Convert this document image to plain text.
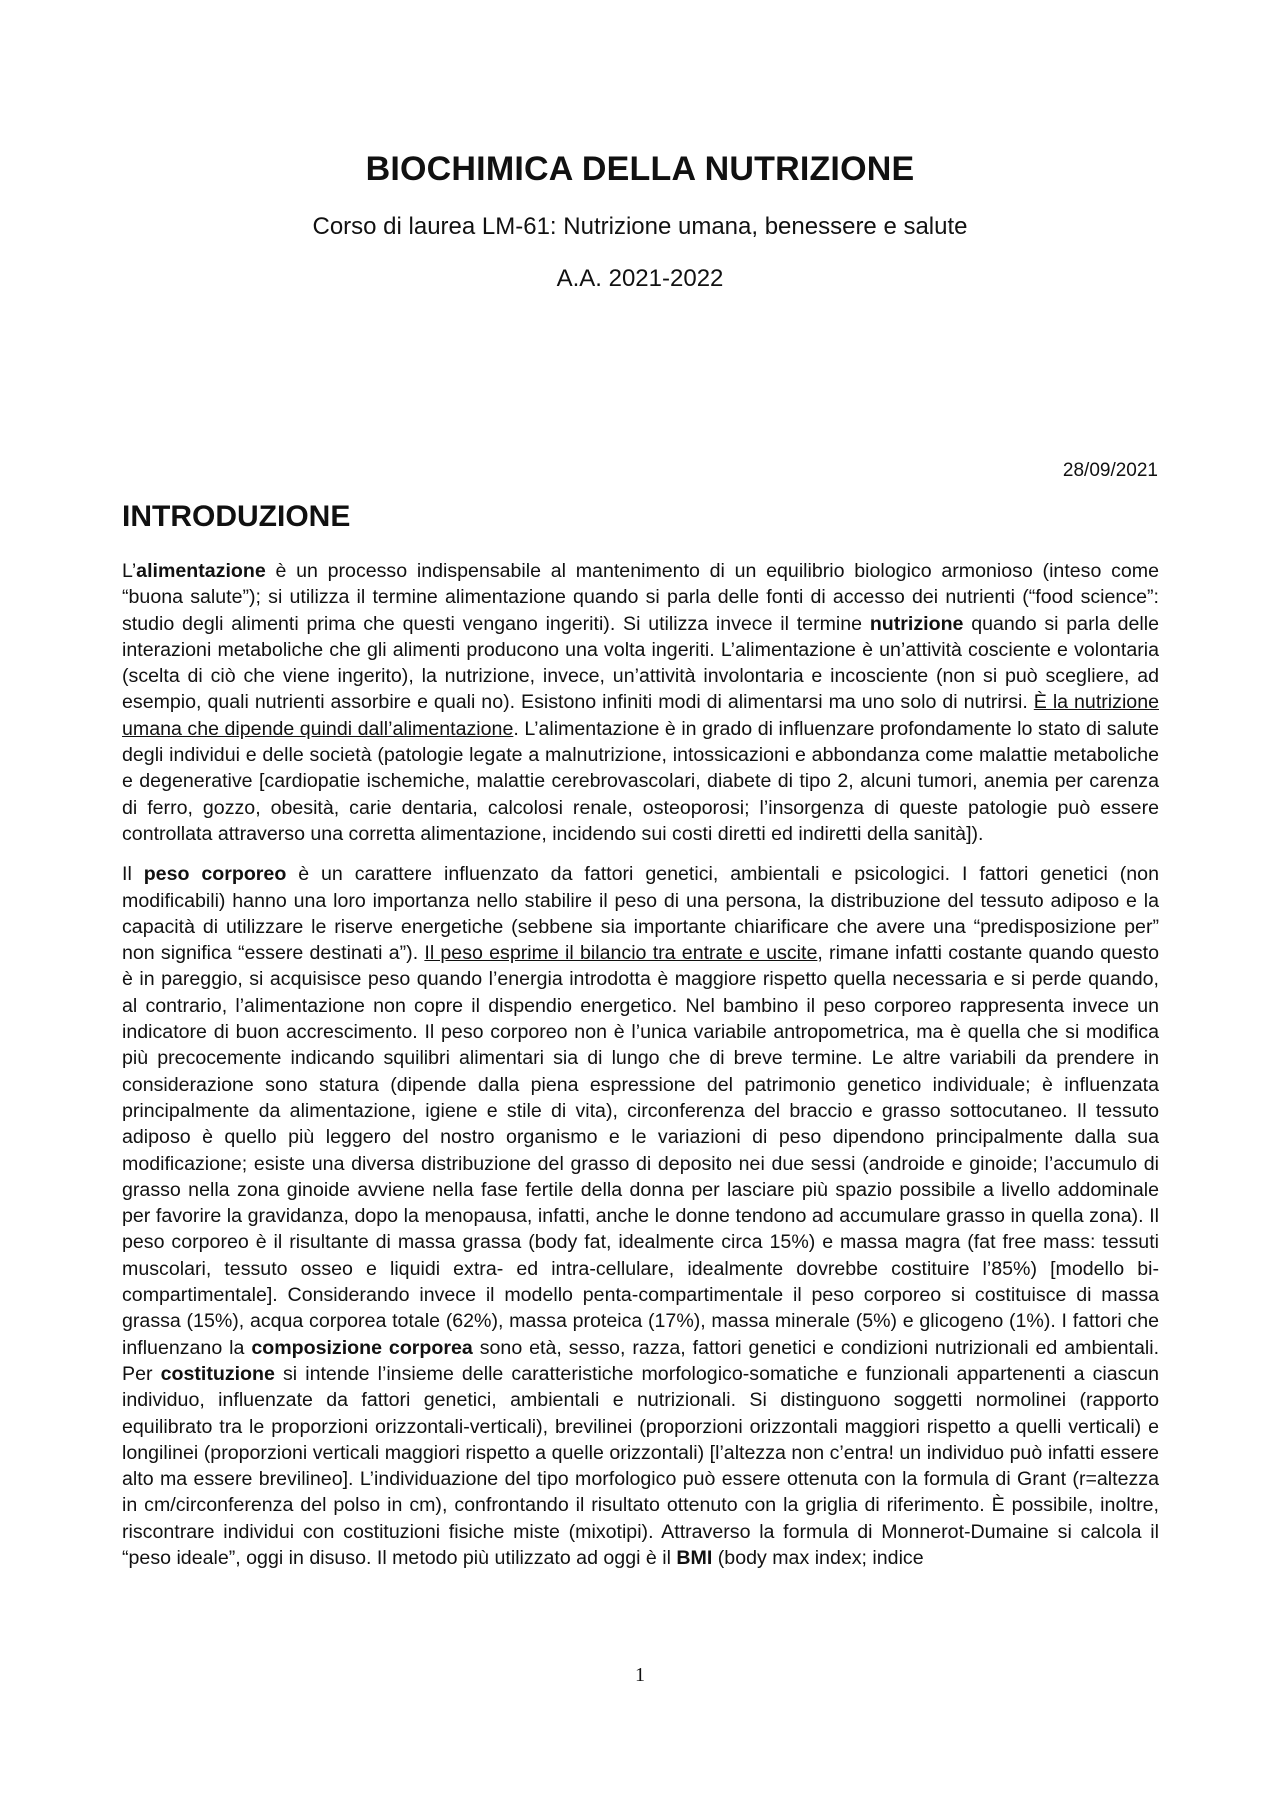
BIOCHIMICA DELLA NUTRIZIONE
Corso di laurea LM-61: Nutrizione umana, benessere e salute
A.A. 2021-2022
28/09/2021
INTRODUZIONE

L’alimentazione è un processo indispensabile al mantenimento di un equilibrio biologico armonioso (inteso come “buona salute”); si utilizza il termine alimentazione quando si parla delle fonti di accesso dei nutrienti (“food science”: studio degli alimenti prima che questi vengano ingeriti). Si utilizza invece il termine nutrizione quando si parla delle interazioni metaboliche che gli alimenti producono una volta ingeriti. L’alimentazione è un’attività cosciente e volontaria (scelta di ciò che viene ingerito), la nutrizione, invece, un’attività involontaria e incosciente (non si può scegliere, ad esempio, quali nutrienti assorbire e quali no). Esistono infiniti modi di alimentarsi ma uno solo di nutrirsi. È la nutrizione umana che dipende quindi dall’alimentazione. L’alimentazione è in grado di influenzare profondamente lo stato di salute degli individui e delle società (patologie legate a malnutrizione, intossicazioni e abbondanza come malattie metaboliche e degenerative [cardiopatie ischemiche, malattie cerebrovascolari, diabete di tipo 2, alcuni tumori, anemia per carenza di ferro, gozzo, obesità, carie dentaria, calcolosi renale, osteoporosi; l’insorgenza di queste patologie può essere controllata attraverso una corretta alimentazione, incidendo sui costi diretti ed indiretti della sanità]).

Il peso corporeo è un carattere influenzato da fattori genetici, ambientali e psicologici. I fattori genetici (non modificabili) hanno una loro importanza nello stabilire il peso di una persona, la distribuzione del tessuto adiposo e la capacità di utilizzare le riserve energetiche (sebbene sia importante chiarificare che avere una “predisposizione per” non significa “essere destinati a”). Il peso esprime il bilancio tra entrate e uscite, rimane infatti costante quando questo è in pareggio, si acquisisce peso quando l’energia introdotta è maggiore rispetto quella necessaria e si perde quando, al contrario, l’alimentazione non copre il dispendio energetico. Nel bambino il peso corporeo rappresenta invece un indicatore di buon accrescimento. Il peso corporeo non è l’unica variabile antropometrica, ma è quella che si modifica più precocemente indicando squilibri alimentari sia di lungo che di breve termine. Le altre variabili da prendere in considerazione sono statura (dipende dalla piena espressione del patrimonio genetico individuale; è influenzata principalmente da alimentazione, igiene e stile di vita), circonferenza del braccio e grasso sottocutaneo. Il tessuto adiposo è quello più leggero del nostro organismo e le variazioni di peso dipendono principalmente dalla sua modificazione; esiste una diversa distribuzione del grasso di deposito nei due sessi (androide e ginoide; l’accumulo di grasso nella zona ginoide avviene nella fase fertile della donna per lasciare più spazio possibile a livello addominale per favorire la gravidanza, dopo la menopausa, infatti, anche le donne tendono ad accumulare grasso in quella zona). Il peso corporeo è il risultante di massa grassa (body fat, idealmente circa 15%) e massa magra (fat free mass: tessuti muscolari, tessuto osseo e liquidi extra- ed intra-cellulare, idealmente dovrebbe costituire l’85%) [modello bi-compartimentale]. Considerando invece il modello penta-compartimentale il peso corporeo si costituisce di massa grassa (15%), acqua corporea totale (62%), massa proteica (17%), massa minerale (5%) e glicogeno (1%). I fattori che influenzano la composizione corporea sono età, sesso, razza, fattori genetici e condizioni nutrizionali ed ambientali. Per costituzione si intende l’insieme delle caratteristiche morfologico-somatiche e funzionali appartenenti a ciascun individuo, influenzate da fattori genetici, ambientali e nutrizionali. Si distinguono soggetti normolinei (rapporto equilibrato tra le proporzioni orizzontali-verticali), brevilinei (proporzioni orizzontali maggiori rispetto a quelli verticali) e longilinei (proporzioni verticali maggiori rispetto a quelle orizzontali) [l’altezza non c’entra! un individuo può infatti essere alto ma essere brevilineo]. L’individuazione del tipo morfologico può essere ottenuta con la formula di Grant (r=altezza in cm/circonferenza del polso in cm), confrontando il risultato ottenuto con la griglia di riferimento. È possibile, inoltre, riscontrare individui con costituzioni fisiche miste (mixotipi). Attraverso la formula di Monnerot-Dumaine si calcola il “peso ideale”, oggi in disuso. Il metodo più utilizzato ad oggi è il BMI (body max index; indice

1
